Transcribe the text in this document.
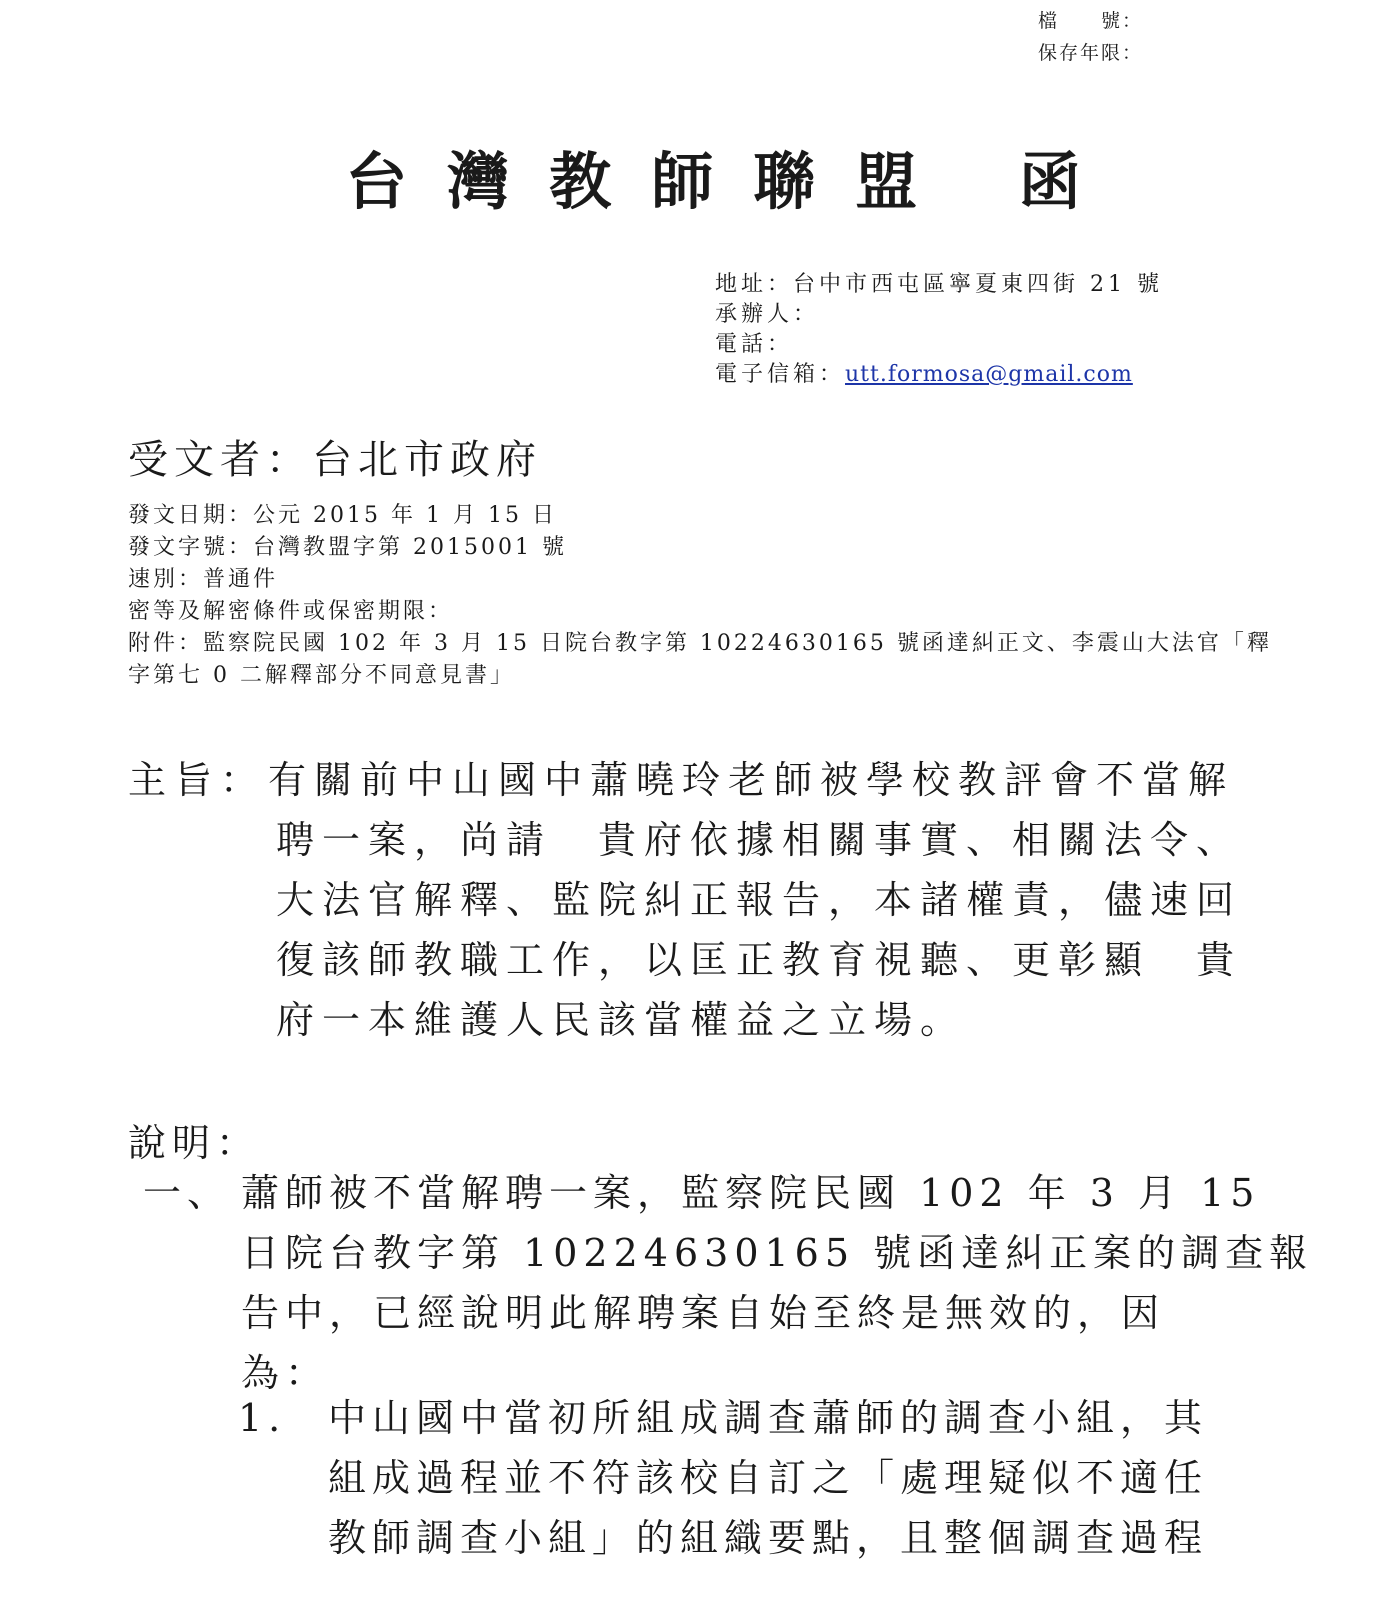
檔　　號：
保存年限：
台灣教師聯盟 函
地址：台中市西屯區寧夏東四街 21 號
承辦人：
電話：
電子信箱：utt.formosa@gmail.com
受文者：台北市政府
發文日期：公元 2015 年 1 月 15 日
發文字號：台灣教盟字第 2015001 號
速別：普通件
密等及解密條件或保密期限：
附件：監察院民國 102 年 3 月 15 日院台教字第 10224630165 號函達糾正文、李震山大法官「釋
字第七 0 二解釋部分不同意見書」
主旨：有關前中山國中蕭曉玲老師被學校教評會不當解
聘一案，尚請　貴府依據相關事實、相關法令、
大法官解釋、監院糾正報告，本諸權責，儘速回
復該師教職工作，以匡正教育視聽、更彰顯　貴
府一本維護人民該當權益之立場。
說明：
一、 蕭師被不當解聘一案，監察院民國 102 年 3 月 15
日院台教字第 10224630165 號函達糾正案的調查報
告中，已經說明此解聘案自始至終是無效的，因
為：
1. 中山國中當初所組成調查蕭師的調查小組，其
組成過程並不符該校自訂之「處理疑似不適任
教師調查小組」的組織要點，且整個調查過程
